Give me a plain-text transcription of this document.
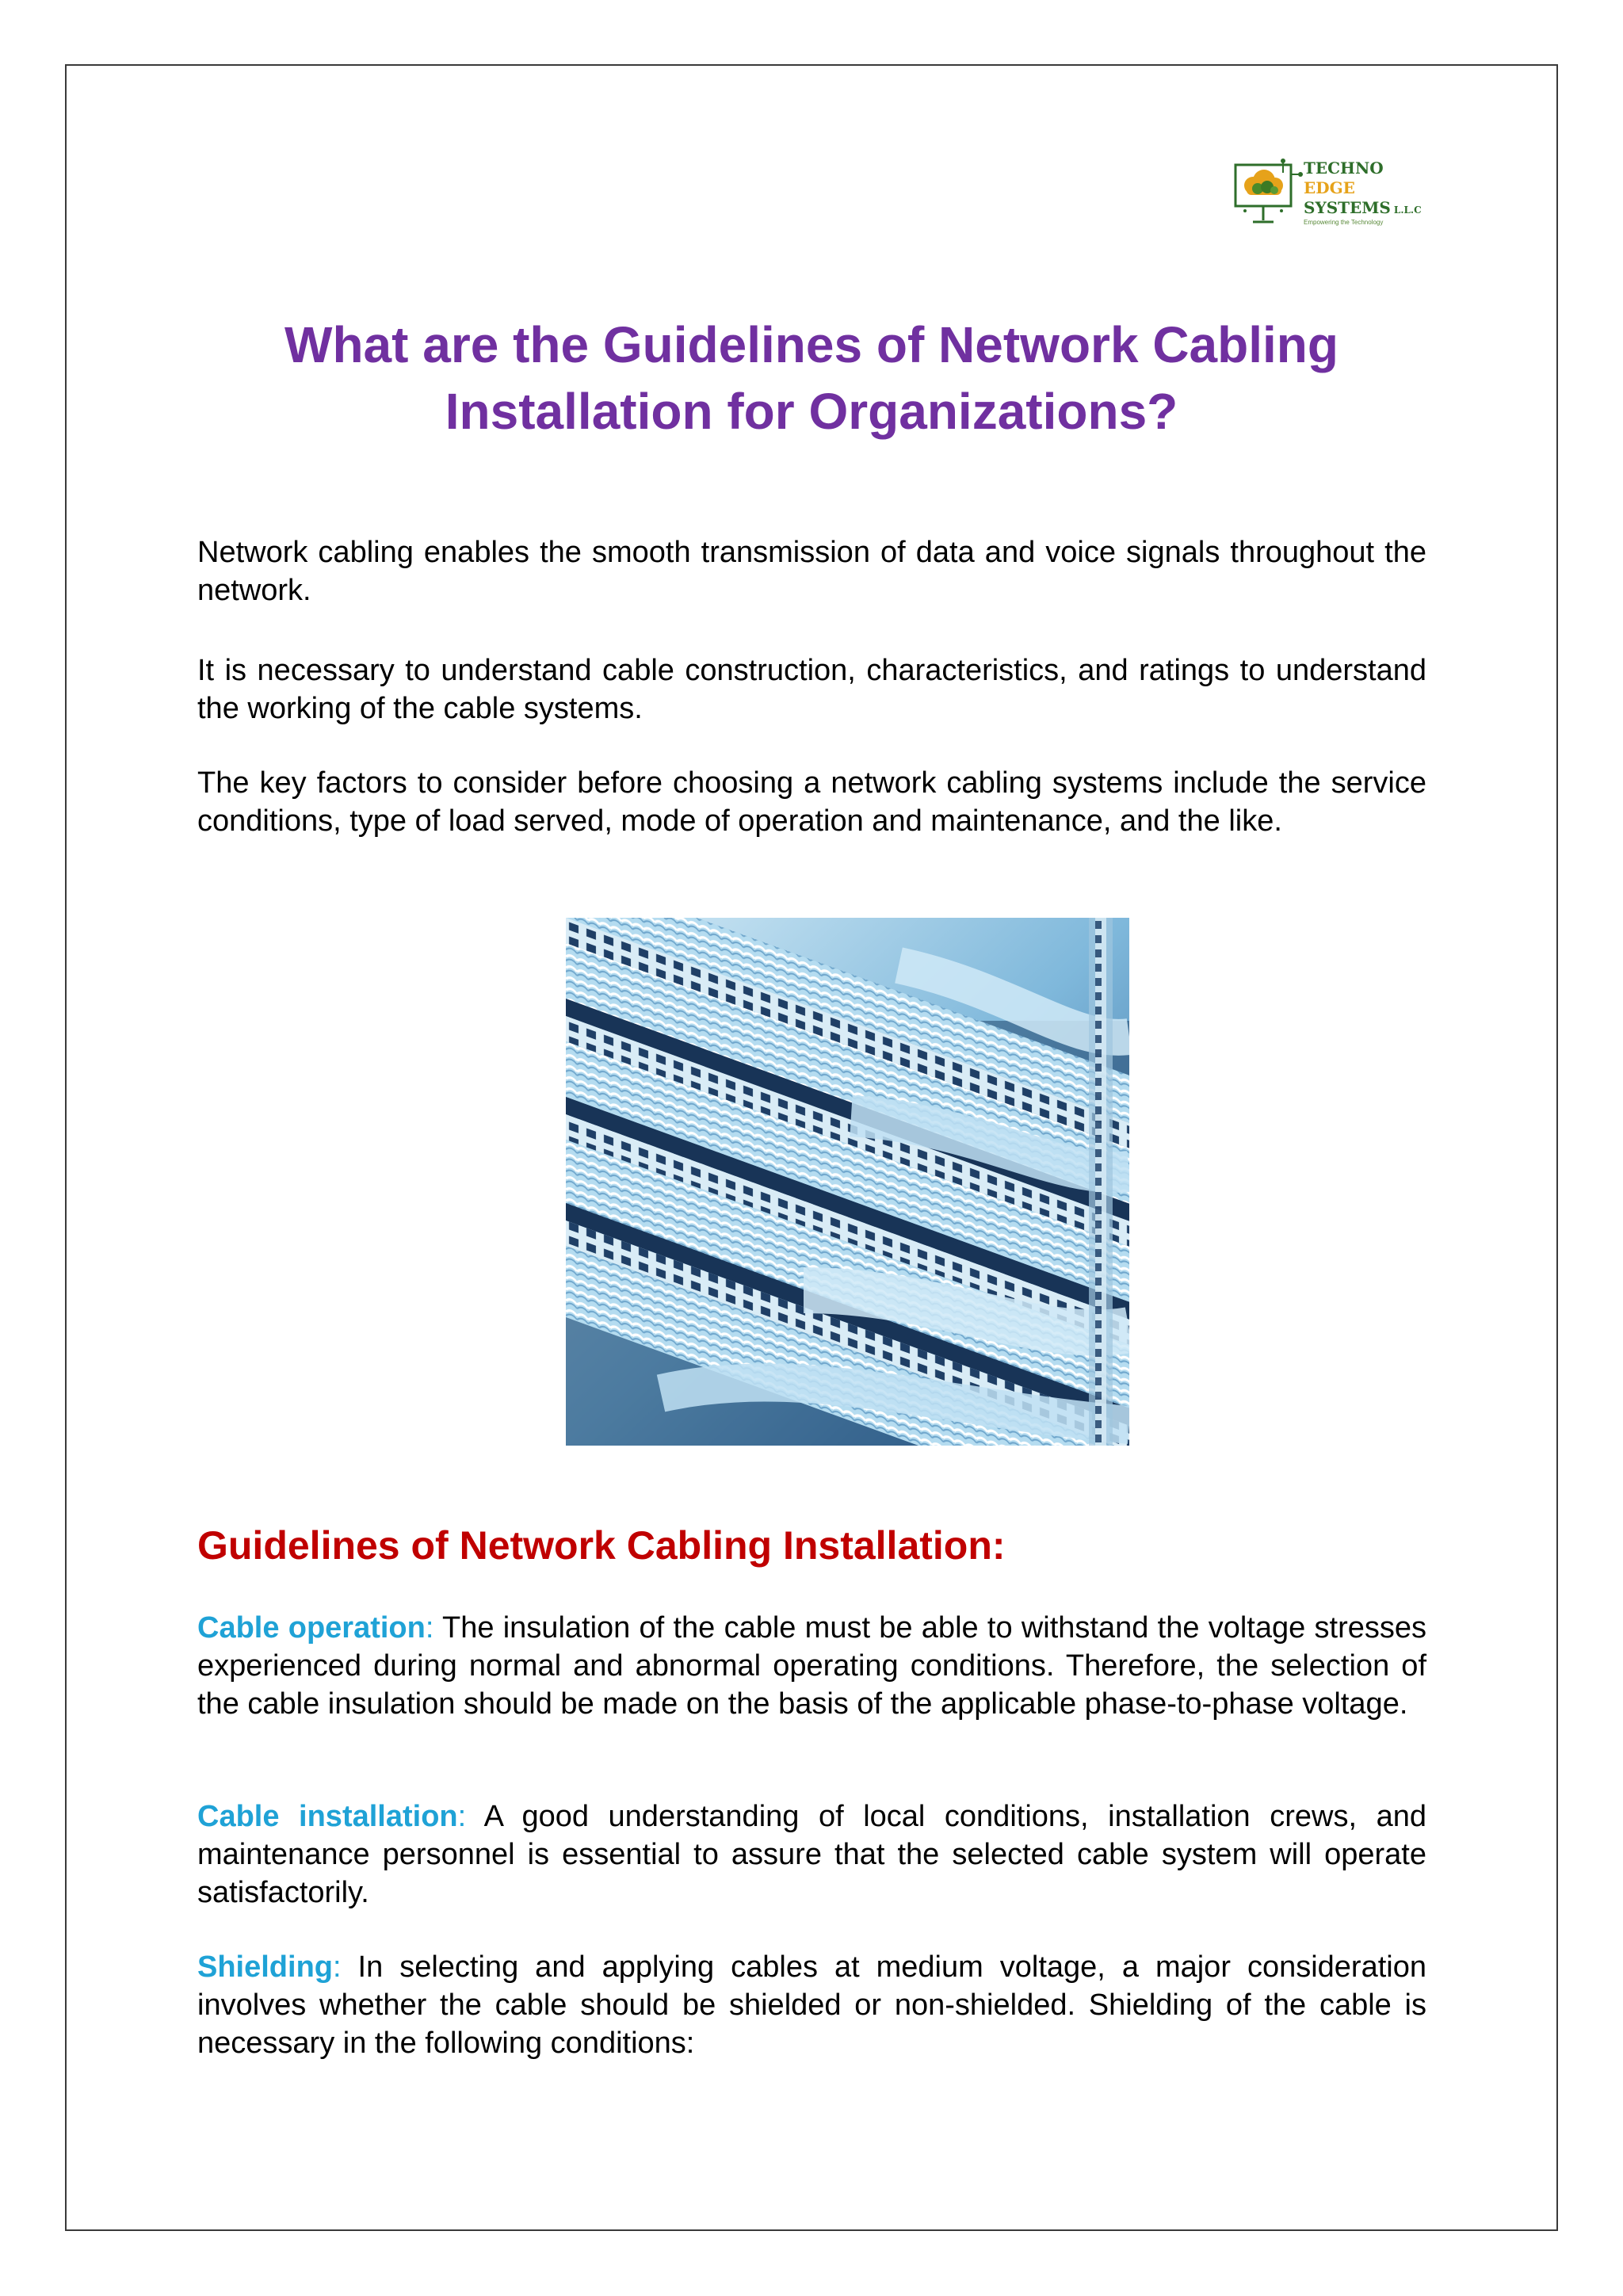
TECHNO
EDGE
SYSTEMS L.L.C
Empowering the Technology
What are the Guidelines of Network Cabling Installation for Organizations?

Network cabling enables the smooth transmission of data and voice signals throughout the network.

It is necessary to understand cable construction, characteristics, and ratings to understand the working of the cable systems.

The key factors to consider before choosing a network cabling systems include the service conditions, type of load served, mode of operation and maintenance, and the like.

Guidelines of Network Cabling Installation:

Cable operation: The insulation of the cable must be able to withstand the voltage stresses experienced during normal and abnormal operating conditions. Therefore, the selection of the cable insulation should be made on the basis of the applicable phase-to-phase voltage.

Cable installation: A good understanding of local conditions, installation crews, and maintenance personnel is essential to assure that the selected cable system will operate satisfactorily.

Shielding: In selecting and applying cables at medium voltage, a major consideration involves whether the cable should be shielded or non-shielded. Shielding of the cable is necessary in the following conditions:
